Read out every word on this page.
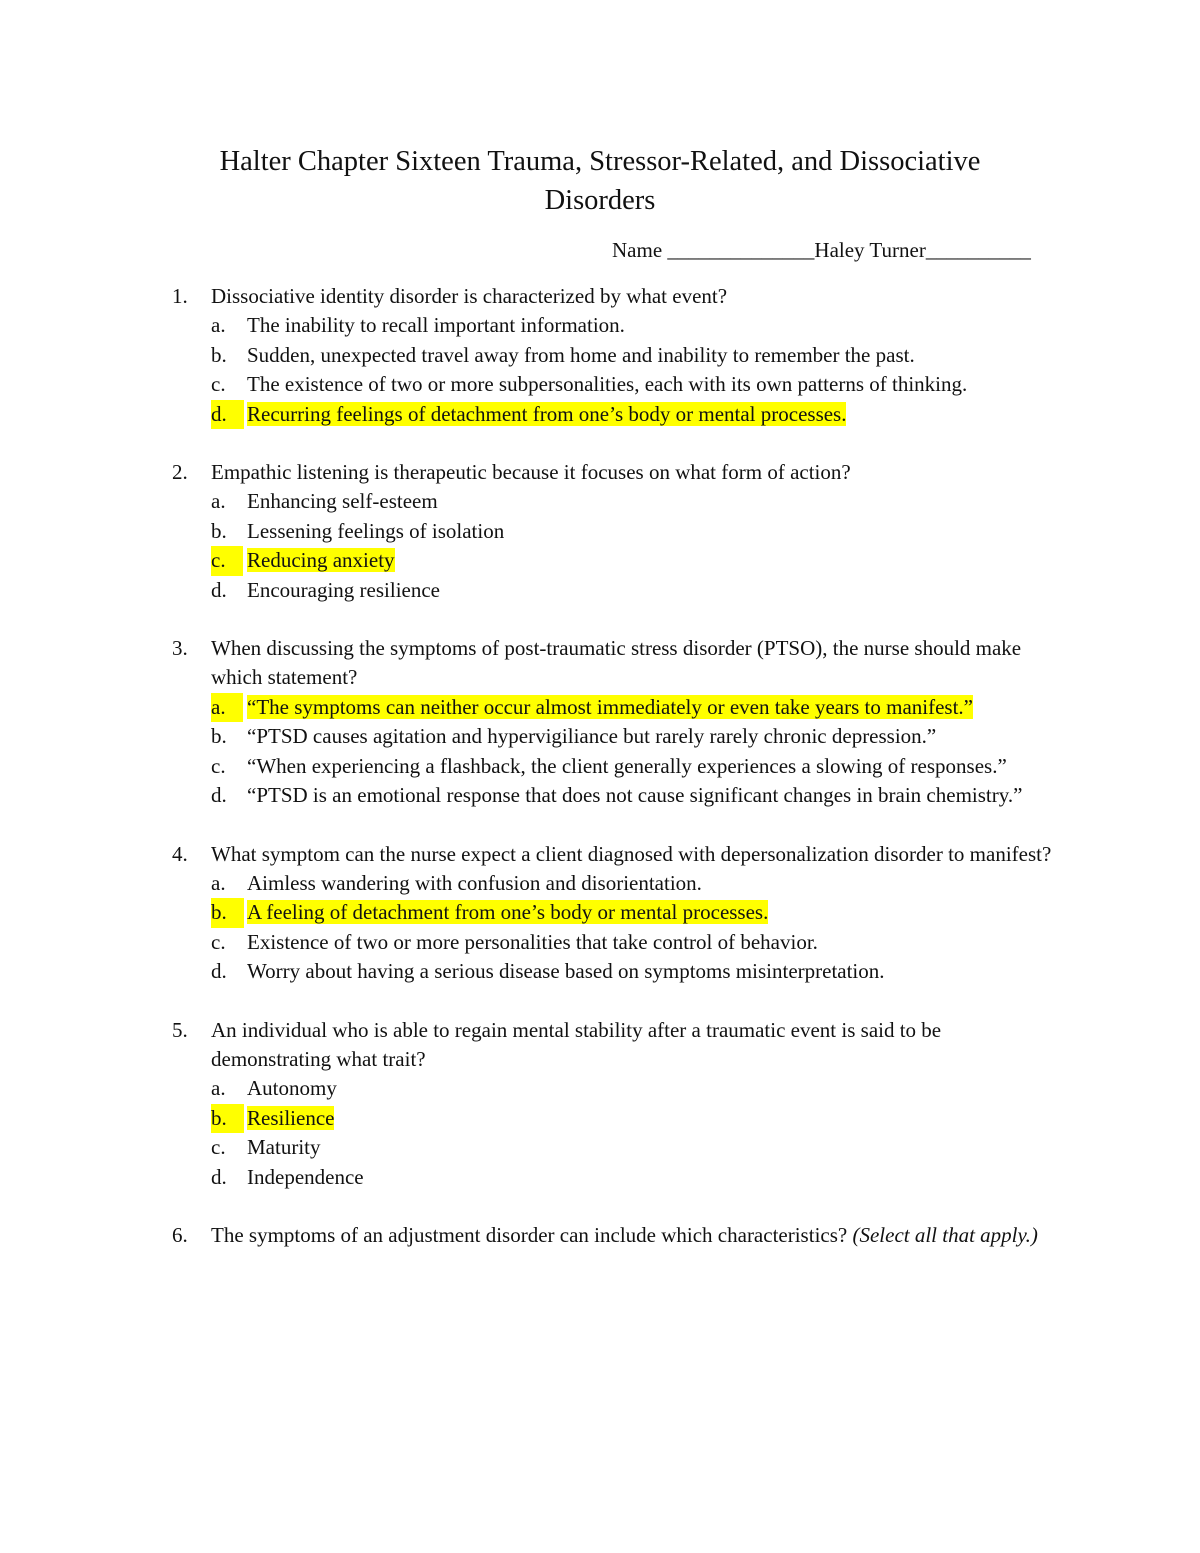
Halter Chapter Sixteen Trauma, Stressor-Related, and Dissociative
Disorders
Name ______________Haley Turner__________
1.	Dissociative identity disorder is characterized by what event?
a.	The inability to recall important information.
b. Sudden, unexpected travel away from home and inability to remember the past.
c.	The existence of two or more subpersonalities, each with its own patterns of thinking.
d. Recurring feelings of detachment from one’s body or mental processes.
2.	Empathic listening is therapeutic because it focuses on what form of action?
a.	Enhancing self-esteem
b. Lessening feelings of isolation
c.	Reducing anxiety
d. Encouraging resilience
3.	When discussing the symptoms of post-traumatic stress disorder (PTSO), the nurse should make which statement?
a.	“The symptoms can neither occur almost immediately or even take years to manifest.”
b. “PTSD causes agitation and hypervigiliance but rarely rarely chronic depression.”
c.	“When experiencing a flashback, the client generally experiences a slowing of responses.”
d. “PTSD is an emotional response that does not cause significant changes in brain chemistry.”
4.	What symptom can the nurse expect a client diagnosed with depersonalization disorder to manifest?
a.	Aimless wandering with confusion and disorientation.
b. A feeling of detachment from one’s body or mental processes.
c.	Existence of two or more personalities that take control of behavior.
d. Worry about having a serious disease based on symptoms misinterpretation.
5.	An individual who is able to regain mental stability after a traumatic event is said to be demonstrating what trait?
a.	Autonomy
b. Resilience
c.	Maturity
d. Independence
6.	The symptoms of an adjustment disorder can include which characteristics? (Select all that apply.)
